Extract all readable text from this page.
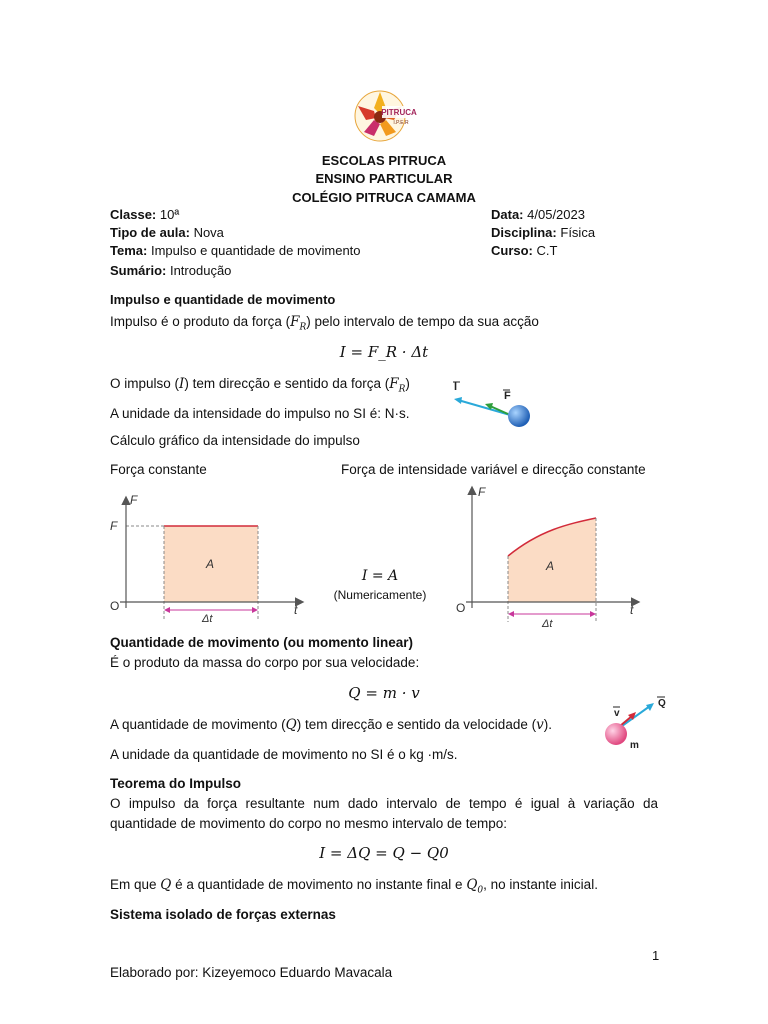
PITRUCA
I.P.E.R
ESCOLAS PITRUCA
ENSINO PARTICULAR
COLÉGIO PITRUCA CAMAMA
Classe: 10ª
Tipo de aula: Nova
Tema: Impulso e quantidade de movimento
Sumário: Introdução
Data: 4/05/2023
Disciplina: Física
Curso: C.T
Impulso e quantidade de movimento
Impulso é o produto da força $(F_R)$ pelo intervalo de tempo da sua acção
I = F_R · Δt
O impulso (I) tem direcção e sentido da força $(F_R)$
A unidade da intensidade do impulso no SI é: N·s.
I
F
Cálculo gráfico da intensidade do impulso
Força constante	Força de intensidade variável e direcção constante
F
F
t
O
A
Δt
I = A
(Numericamente)
F
t
O
A
Δt
Quantidade de movimento (ou momento linear)
É o produto da massa do corpo por sua velocidade:
Q = m · v
A quantidade de movimento (Q) tem direcção e sentido da velocidade (v).
A unidade da quantidade de movimento no SI é o kg ·m/s.
v
Q
m
Teorema do Impulso
O impulso da força resultante num dado intervalo de tempo é igual à variação da quantidade de movimento do corpo no mesmo intervalo de tempo:
I = ΔQ = Q − Q0
Em que Q é a quantidade de movimento no instante final e $Q_0$, no instante inicial.
Sistema isolado de forças externas
1
Elaborado por: Kizeyemoco Eduardo Mavacala
